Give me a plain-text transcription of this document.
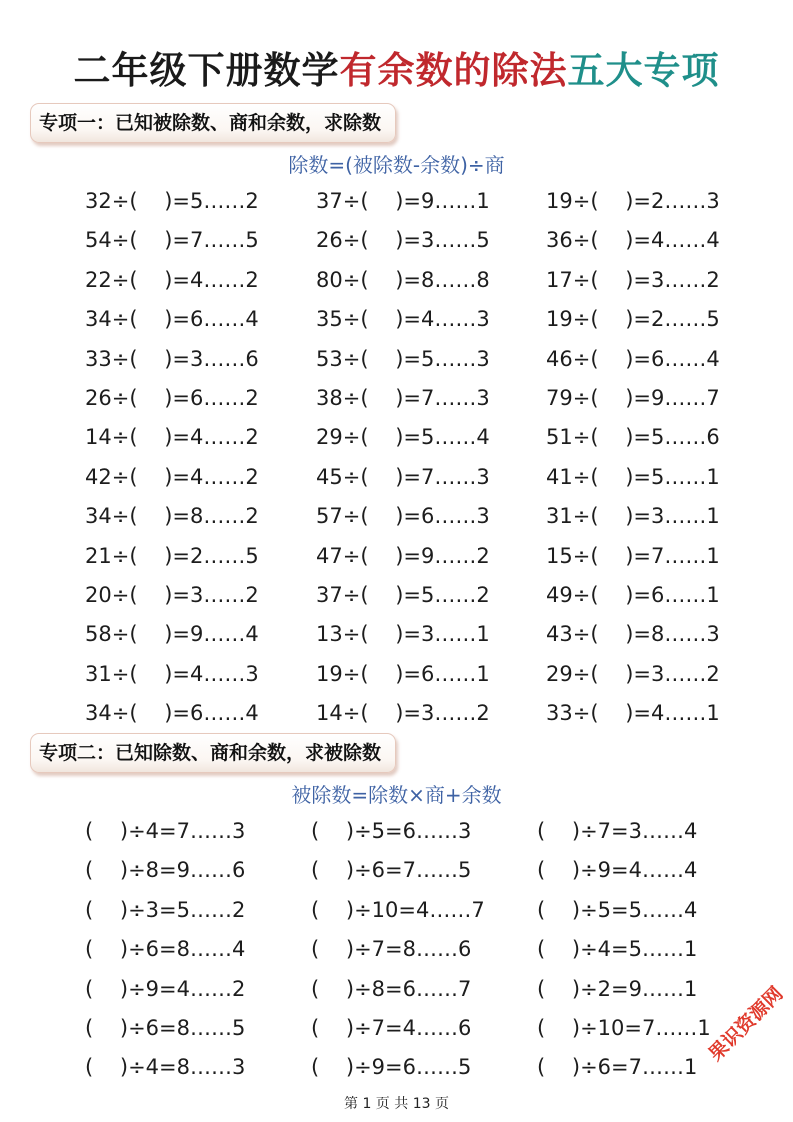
二年级下册数学有余数的除法五大专项
专项一：已知被除数、商和余数，求除数
除数=(被除数-余数)÷商
32÷(    )=5……2	37÷(    )=9……1	19÷(    )=2……3
54÷(    )=7……5	26÷(    )=3……5	36÷(    )=4……4
22÷(    )=4……2	80÷(    )=8……8	17÷(    )=3……2
34÷(    )=6……4	35÷(    )=4……3	19÷(    )=2……5
33÷(    )=3……6	53÷(    )=5……3	46÷(    )=6……4
26÷(    )=6……2	38÷(    )=7……3	79÷(    )=9……7
14÷(    )=4……2	29÷(    )=5……4	51÷(    )=5……6
42÷(    )=4……2	45÷(    )=7……3	41÷(    )=5……1
34÷(    )=8……2	57÷(    )=6……3	31÷(    )=3……1
21÷(    )=2……5	47÷(    )=9……2	15÷(    )=7……1
20÷(    )=3……2	37÷(    )=5……2	49÷(    )=6……1
58÷(    )=9……4	13÷(    )=3……1	43÷(    )=8……3
31÷(    )=4……3	19÷(    )=6……1	29÷(    )=3……2
34÷(    )=6……4	14÷(    )=3……2	33÷(    )=4……1
专项二：已知除数、商和余数，求被除数
被除数=除数×商+余数
(    )÷4=7……3	(    )÷5=6……3	(    )÷7=3……4
(    )÷8=9……6	(    )÷6=7……5	(    )÷9=4……4
(    )÷3=5……2	(    )÷10=4……7 (    )÷5=5……4
(    )÷6=8……4	(    )÷7=8……6	(    )÷4=5……1
(    )÷9=4……2	(    )÷8=6……7	(    )÷2=9……1
(    )÷6=8……5	(    )÷7=4……6	(    )÷10=7……1
(    )÷4=8……3	(    )÷9=6……5	(    )÷6=7……1
第 1 页 共 13 页
果识资源网
